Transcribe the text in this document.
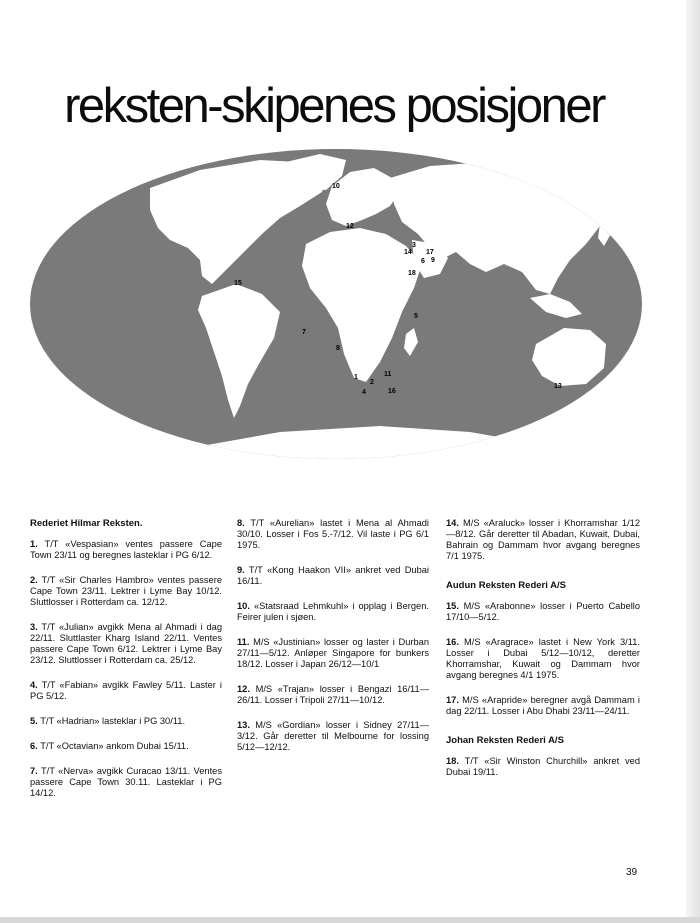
reksten-skipenes posisjoner
1
2
3
4
5
6
7
8
9
10
11
12
13
14
15
16
17
18
Rederiet Hilmar Reksten.
1. T/T «Vespasian» ventes passere Cape Town 23/11 og beregnes lasteklar i PG 6/12.
2. T/T «Sir Charles Hambro» ventes passere Cape Town 23/11. Lektrer i Lyme Bay 10/12. Sluttlosser i Rotterdam ca. 12/12.
3. T/T «Julian» avgikk Mena al Ahmadi i dag 22/11. Sluttlaster Kharg Island 22/11. Ventes passere Cape Town 6/12. Lektrer i Lyme Bay 23/12. Sluttlosser i Rotterdam ca. 25/12.
4. T/T «Fabian» avgikk Fawley 5/11. Laster i PG 5/12.
5. T/T «Hadrian» lasteklar i PG 30/11.
6. T/T «Octavian» ankom Dubai 15/11.
7. T/T «Nerva» avgikk Curacao 13/11. Ventes passere Cape Town 30.11. Lasteklar i PG 14/12.
8. T/T «Aurelian» lastet i Mena al Ahmadi 30/10. Losser i Fos 5.-7/12. Vil laste i PG 6/1 1975.
9. T/T «Kong Haakon VII» ankret ved Dubai 16/11.
10. «Statsraad Lehmkuhl» i opplag i Bergen. Feirer julen i sjøen.
11. M/S «Justinian» losser og laster i Durban 27/11—5/12. Anløper Singapore for bunkers 18/12. Losser i Japan 26/12—10/1
12. M/S «Trajan» losser i Bengazi 16/11—26/11. Losser i Tripoli 27/11—10/12.
13. M/S «Gordian» losser i Sidney 27/11—3/12. Går deretter til Melbourne for lossing 5/12—12/12.
14. M/S «Araluck» losser i Khorramshar 1/12—8/12. Går deretter til Abadan, Kuwait, Dubai, Bahrain og Dammam hvor avgang beregnes 7/1 1975.
Audun Reksten Rederi A/S
15. M/S «Arabonne» losser i Puerto Cabello 17/10—5/12.
16. M/S «Aragrace» lastet i New York 3/11. Losser i Dubai 5/12—10/12, deretter Khorramshar, Kuwait og Dammam hvor avgang beregnes 4/1 1975.
17. M/S «Arapride» beregner avgå Dammam i dag 22/11. Losser i Abu Dhabi 23/11—24/11.
Johan Reksten Rederi A/S
18. T/T «Sir Winston Churchill» ankret ved Dubai 19/11.
39
